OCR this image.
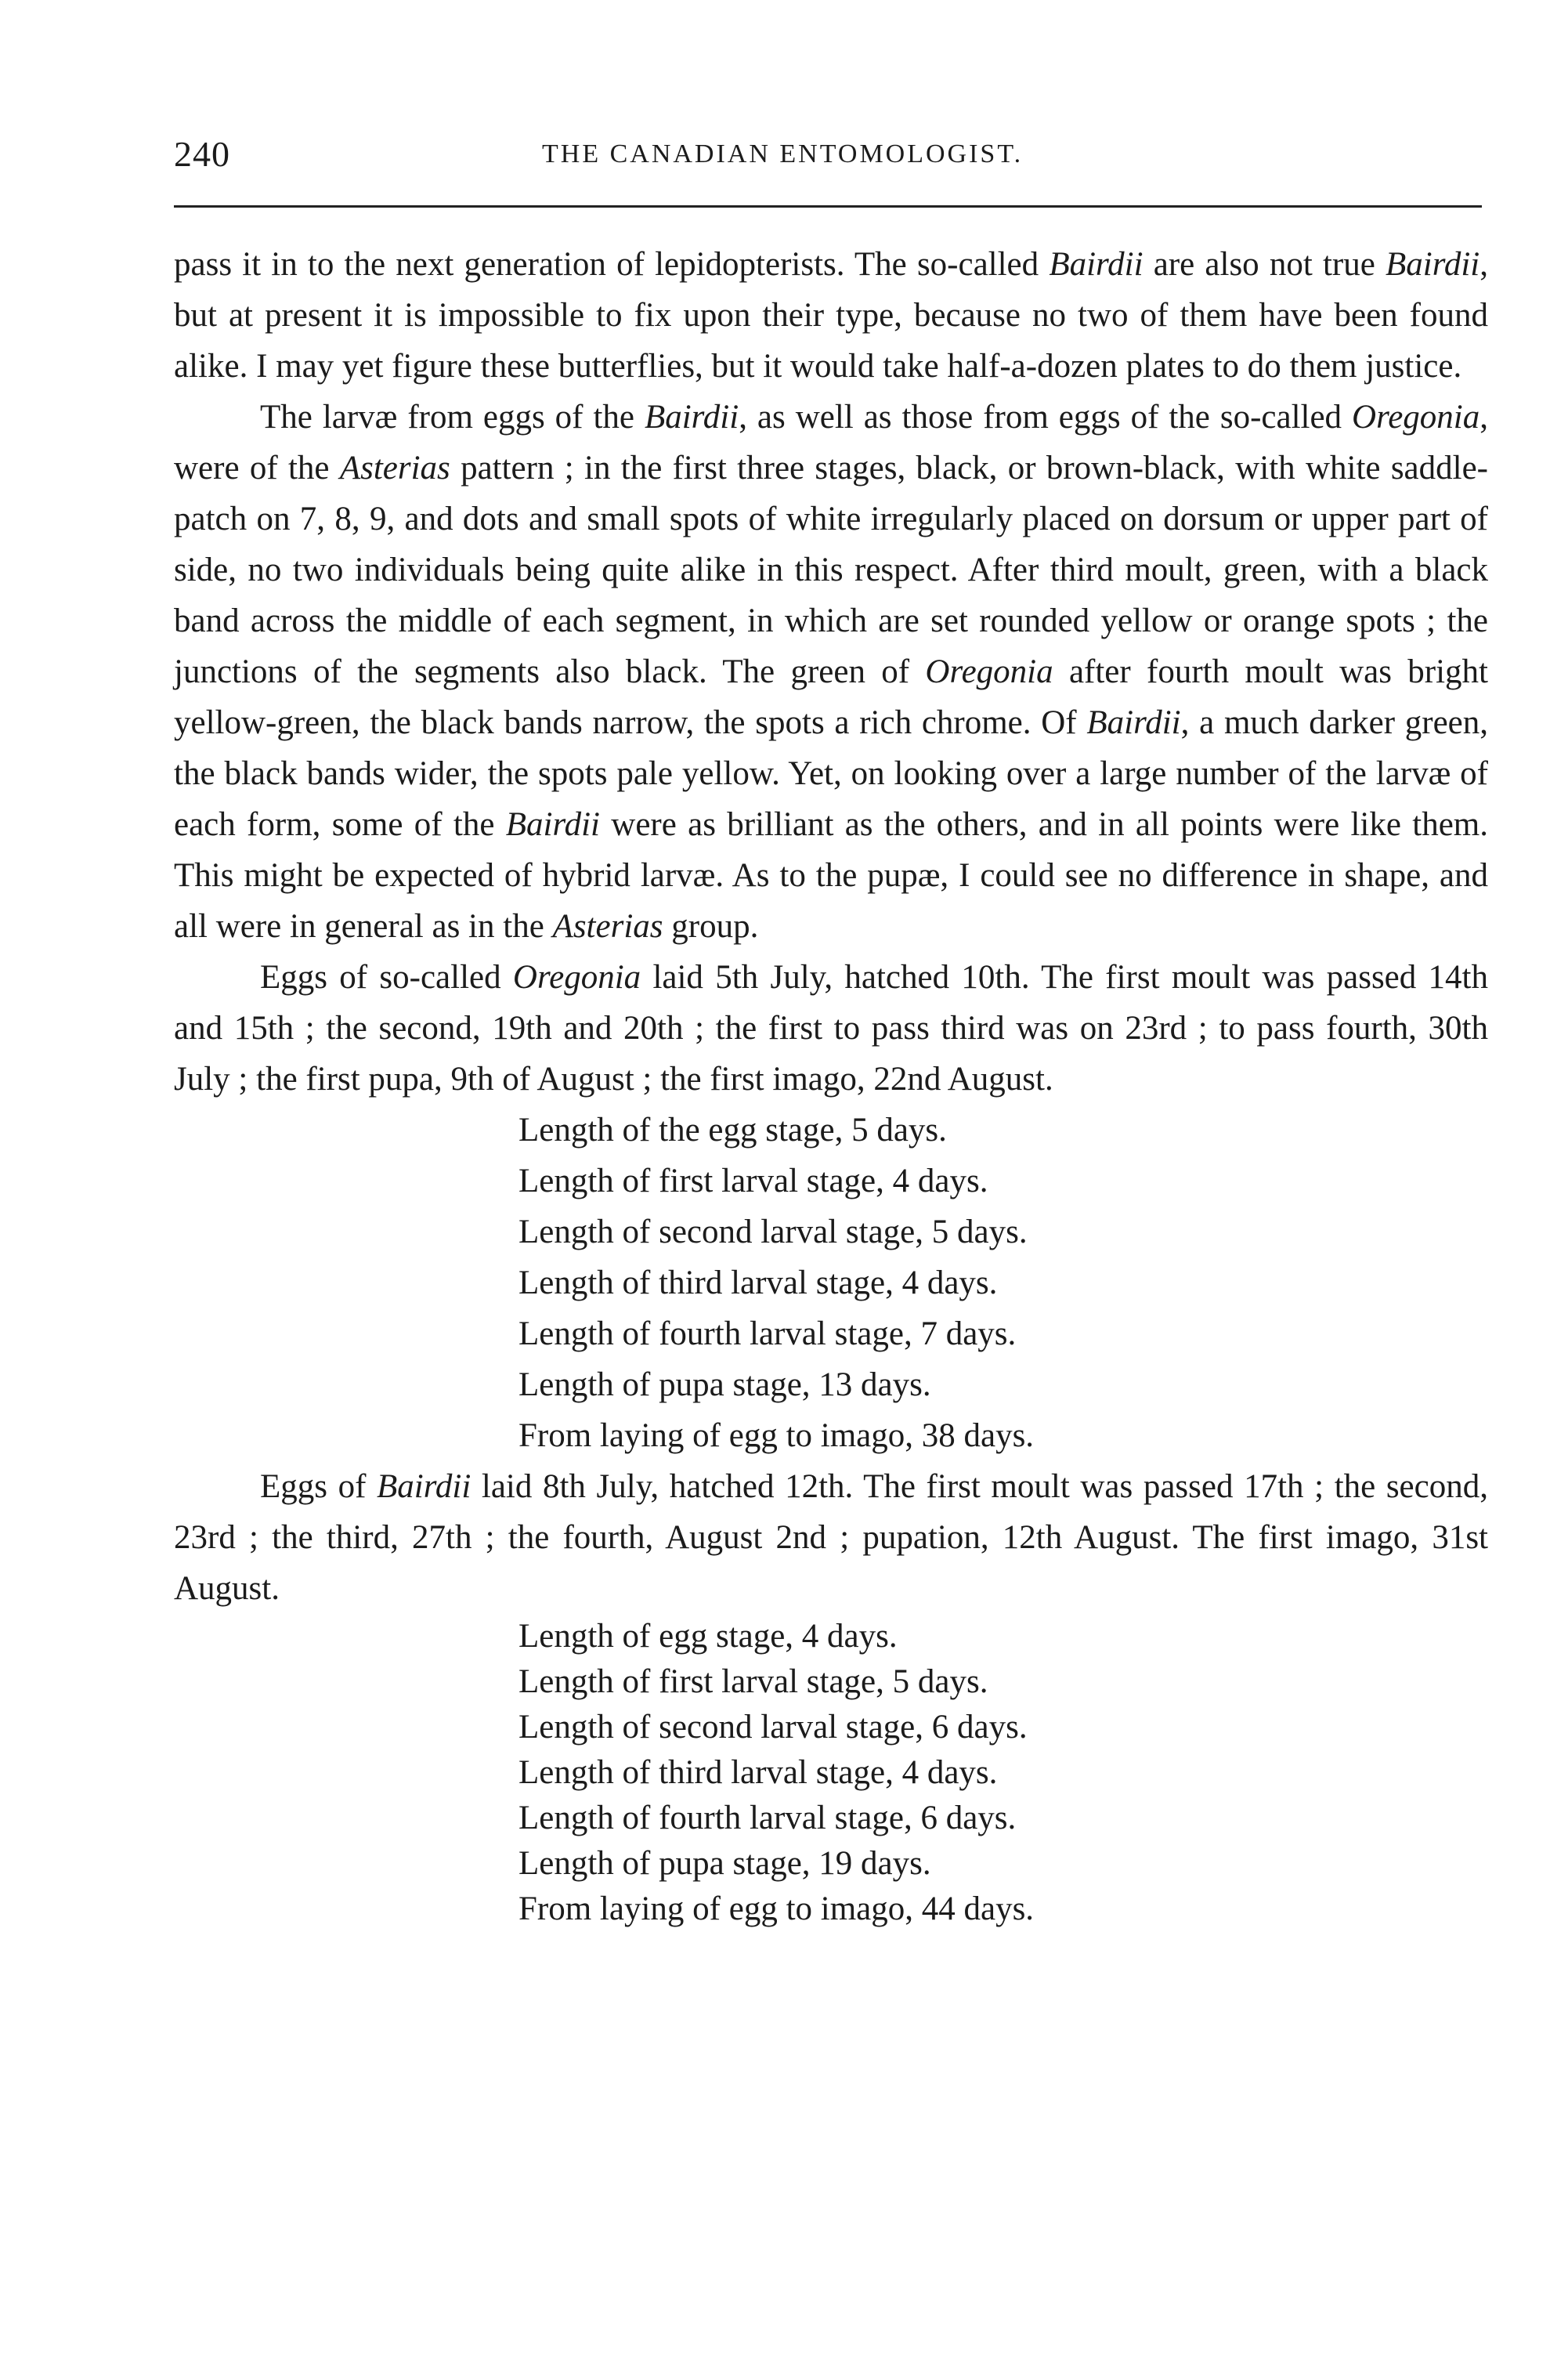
240	THE CANADIAN ENTOMOLOGIST.

pass it in to the next generation of lepidopterists. The so-called Bairdii are also not true Bairdii, but at present it is impossible to fix upon their type, because no two of them have been found alike. I may yet figure these butterflies, but it would take half-a-dozen plates to do them justice.

The larvæ from eggs of the Bairdii, as well as those from eggs of the so-called Oregonia, were of the Asterias pattern ; in the first three stages, black, or brown-black, with white saddle-patch on 7, 8, 9, and dots and small spots of white irregularly placed on dorsum or upper part of side, no two individuals being quite alike in this respect. After third moult, green, with a black band across the middle of each segment, in which are set rounded yellow or orange spots ; the junctions of the segments also black. The green of Oregonia after fourth moult was bright yellow-green, the black bands narrow, the spots a rich chrome. Of Bairdii, a much darker green, the black bands wider, the spots pale yellow. Yet, on looking over a large number of the larvæ of each form, some of the Bairdii were as brilliant as the others, and in all points were like them. This might be expected of hybrid larvæ. As to the pupæ, I could see no difference in shape, and all were in general as in the Asterias group.

Eggs of so-called Oregonia laid 5th July, hatched 10th. The first moult was passed 14th and 15th ; the second, 19th and 20th ; the first to pass third was on 23rd ; to pass fourth, 30th July ; the first pupa, 9th of August ; the first imago, 22nd August.

Length of the egg stage, 5 days.
Length of first larval stage, 4 days.
Length of second larval stage, 5 days.
Length of third larval stage, 4 days.
Length of fourth larval stage, 7 days.
Length of pupa stage, 13 days.
From laying of egg to imago, 38 days.

Eggs of Bairdii laid 8th July, hatched 12th. The first moult was passed 17th ; the second, 23rd ; the third, 27th ; the fourth, August 2nd ; pupation, 12th August. The first imago, 31st August.

Length of egg stage, 4 days.
Length of first larval stage, 5 days.
Length of second larval stage, 6 days.
Length of third larval stage, 4 days.
Length of fourth larval stage, 6 days.
Length of pupa stage, 19 days.
From laying of egg to imago, 44 days.
